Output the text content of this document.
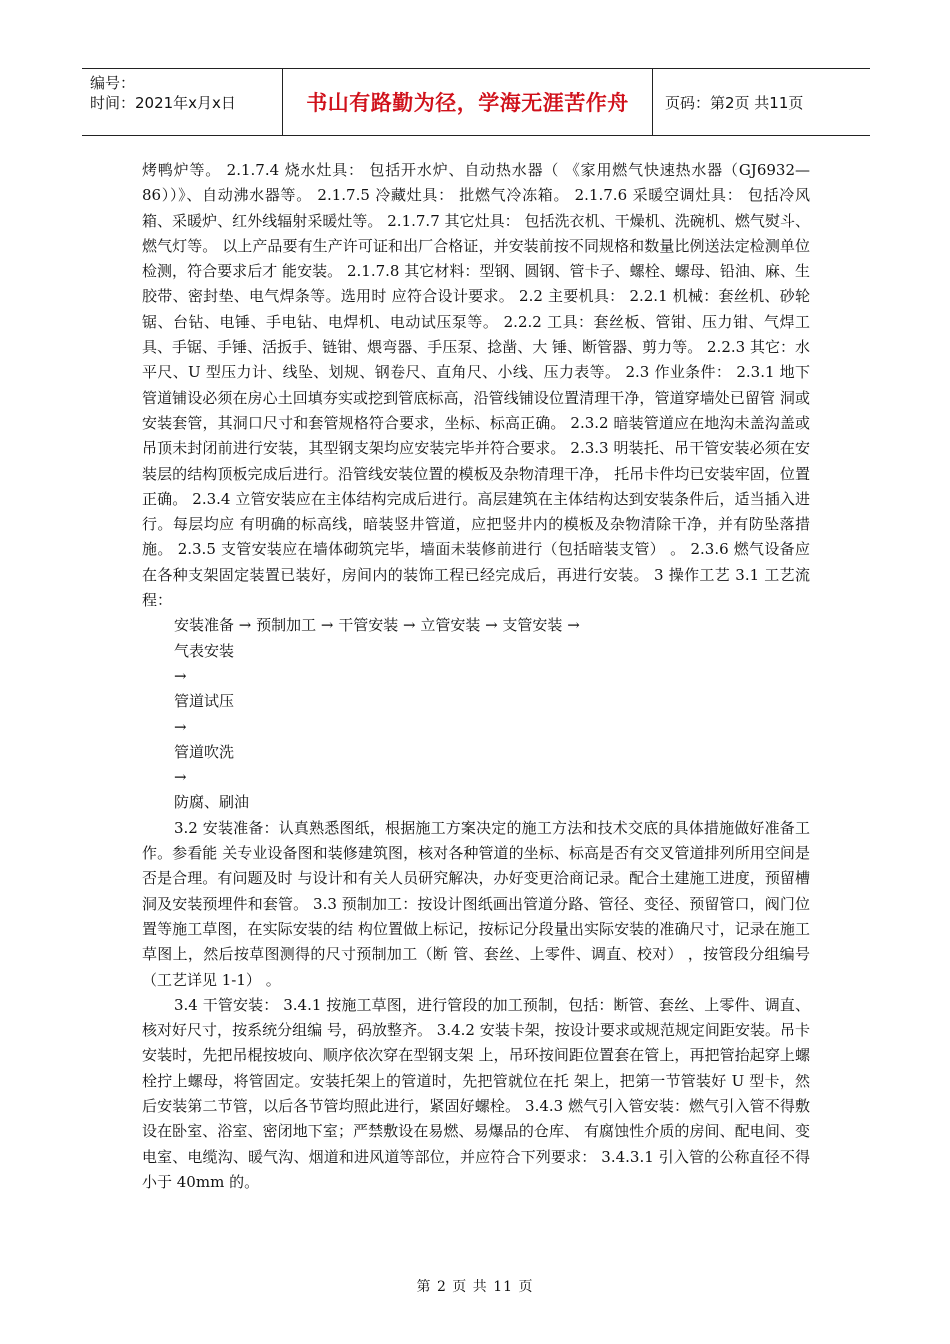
编号：
时间：2021年x月x日	书山有路勤为径，学海无涯苦作舟	页码：第2页 共11页

烤鸭炉等。 2.1.7.4 烧水灶具： 包括开水炉、自动热水器（ 《家用燃气快速热水器（GJ6932—86））》、自动沸水器等。 2.1.7.5 冷藏灶具： 批燃气冷冻箱。 2.1.7.6 采暖空调灶具： 包括冷风箱、采暖炉、红外线辐射采暖灶等。 2.1.7.7 其它灶具： 包括洗衣机、干燥机、洗碗机、燃气熨斗、燃气灯等。 以上产品要有生产许可证和出厂合格证，并安装前按不同规格和数量比例送法定检测单位检测，符合要求后才 能安装。 2.1.7.8 其它材料：型钢、圆钢、管卡子、螺栓、螺母、铅油、麻、生胶带、密封垫、电气焊条等。选用时 应符合设计要求。 2.2 主要机具： 2.2.1 机械：套丝机、砂轮锯、台钻、电锤、手电钻、电焊机、电动试压泵等。 2.2.2 工具：套丝板、管钳、压力钳、气焊工具、手锯、手锤、活扳手、链钳、煨弯器、手压泵、捻凿、大 锤、断管器、剪力等。 2.2.3 其它：水平尺、U 型压力计、线坠、划规、钢卷尺、直角尺、小线、压力表等。 2.3 作业条件： 2.3.1 地下管道铺设必须在房心土回填夯实或挖到管底标高，沿管线铺设位置清理干净，管道穿墙处已留管 洞或安装套管，其洞口尺寸和套管规格符合要求，坐标、标高正确。 2.3.2 暗装管道应在地沟未盖沟盖或吊顶未封闭前进行安装，其型钢支架均应安装完毕并符合要求。 2.3.3 明装托、吊干管安装必须在安装层的结构顶板完成后进行。沿管线安装位置的模板及杂物清理干净， 托吊卡件均已安装牢固，位置正确。 2.3.4 立管安装应在主体结构完成后进行。高层建筑在主体结构达到安装条件后，适当插入进行。每层均应 有明确的标高线，暗装竖井管道，应把竖井内的模板及杂物清除干净，并有防坠落措施。 2.3.5 支管安装应在墙体砌筑完毕，墙面未装修前进行（包括暗装支管） 。 2.3.6 燃气设备应在各种支架固定装置已装好，房间内的装饰工程已经完成后，再进行安装。 3 操作工艺 3.1 工艺流程：

安装准备 → 预制加工 → 干管安装 → 立管安装 → 支管安装 →

气表安装

→

管道试压

→

管道吹洗

→

防腐、刷油

3.2 安装准备：认真熟悉图纸，根据施工方案决定的施工方法和技术交底的具体措施做好准备工作。参看能 关专业设备图和装修建筑图，核对各种管道的坐标、标高是否有交叉管道排列所用空间是否是合理。有问题及时 与设计和有关人员研究解决，办好变更洽商记录。配合土建施工进度，预留槽洞及安装预埋件和套管。 3.3 预制加工：按设计图纸画出管道分路、管径、变径、预留管口，阀门位置等施工草图，在实际安装的结 构位置做上标记，按标记分段量出实际安装的准确尺寸，记录在施工草图上，然后按草图测得的尺寸预制加工（断 管、套丝、上零件、调直、校对） ，按管段分组编号（工艺详见 1-1） 。

3.4 干管安装： 3.4.1 按施工草图，进行管段的加工预制，包括：断管、套丝、上零件、调直、核对好尺寸，按系统分组编 号，码放整齐。 3.4.2 安装卡架，按设计要求或规范规定间距安装。吊卡安装时，先把吊棍按坡向、顺序依次穿在型钢支架 上，吊环按间距位置套在管上，再把管抬起穿上螺栓拧上螺母，将管固定。安装托架上的管道时，先把管就位在托 架上，把第一节管装好 U 型卡，然后安装第二节管，以后各节管均照此进行，紧固好螺栓。 3.4.3 燃气引入管安装：燃气引入管不得敷设在卧室、浴室、密闭地下室；严禁敷设在易燃、易爆品的仓库、 有腐蚀性介质的房间、配电间、变电室、电缆沟、暖气沟、烟道和进风道等部位，并应符合下列要求： 3.4.3.1 引入管的公称直径不得小于 40mm 的。

第 2 页 共 11 页
